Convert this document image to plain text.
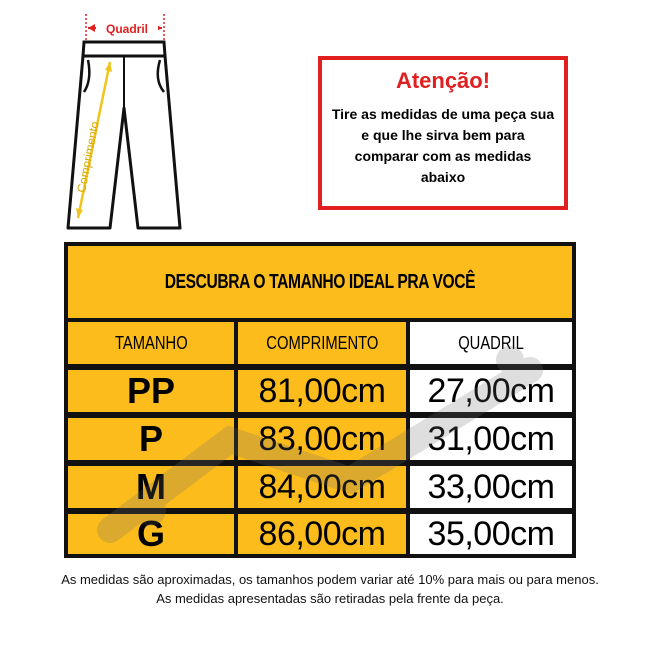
Quadril
Comprimento
Atenção!
Tire as medidas de uma peça sua
e que lhe sirva bem para
comparar com as medidas
abaixo
DESCUBRA O TAMANHO IDEAL PRA VOCÊ
TAMANHO	COMPRIMENTO	QUADRIL
PP 81,00cm 27,00cm
P	83,00cm 31,00cm
M	84,00cm 33,00cm
G	86,00cm 35,00cm
As medidas são aproximadas, os tamanhos podem variar até 10% para mais ou para menos.
As medidas apresentadas são retiradas pela frente da peça.
